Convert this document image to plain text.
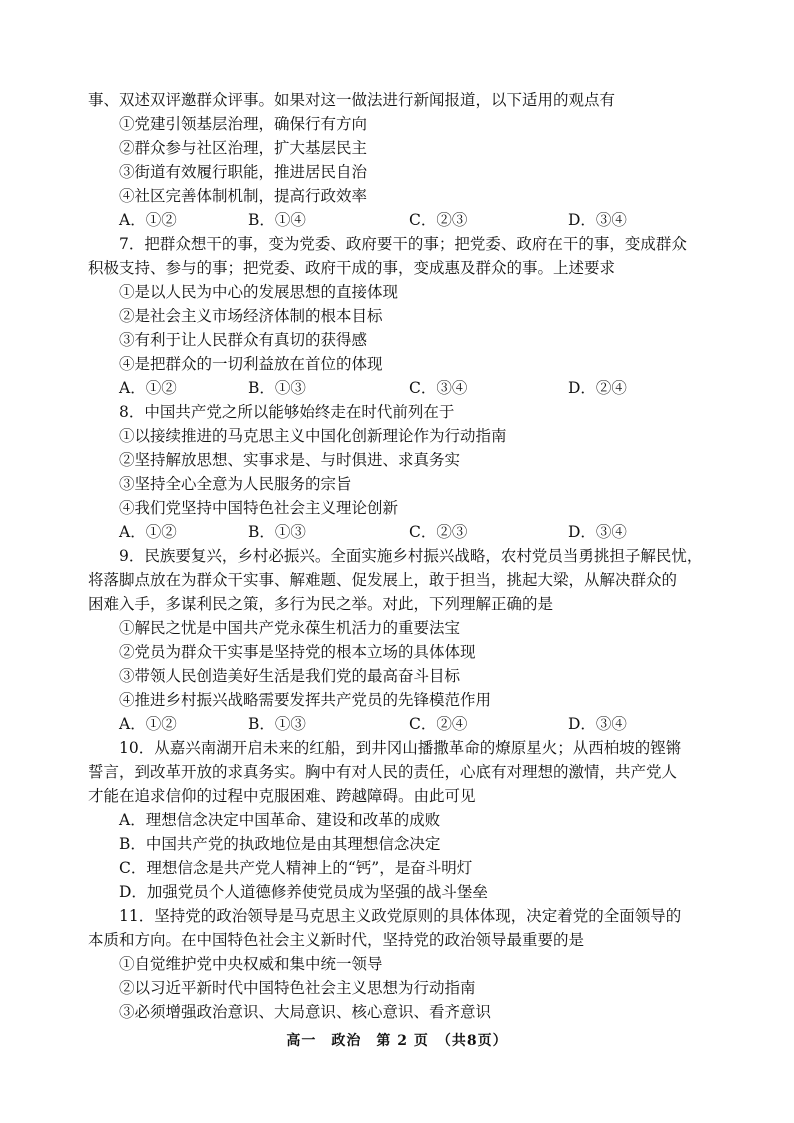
事、双述双评邀群众评事。如果对这一做法进行新闻报道，以下适用的观点有
①党建引领基层治理，确保行有方向
②群众参与社区治理，扩大基层民主
③街道有效履行职能，推进居民自治
④社区完善体制机制，提高行政效率
A．①②	B．①④	C．②③	D．③④
7．把群众想干的事，变为党委、政府要干的事；把党委、政府在干的事，变成群众
积极支持、参与的事；把党委、政府干成的事，变成惠及群众的事。上述要求
①是以人民为中心的发展思想的直接体现
②是社会主义市场经济体制的根本目标
③有利于让人民群众有真切的获得感
④是把群众的一切利益放在首位的体现
A．①②	B．①③	C．③④	D．②④
8．中国共产党之所以能够始终走在时代前列在于
①以接续推进的马克思主义中国化创新理论作为行动指南
②坚持解放思想、实事求是、与时俱进、求真务实
③坚持全心全意为人民服务的宗旨
④我们党坚持中国特色社会主义理论创新
A．①②	B．①③	C．②③	D．③④
9．民族要复兴，乡村必振兴。全面实施乡村振兴战略，农村党员当勇挑担子解民忧，
将落脚点放在为群众干实事、解难题、促发展上，敢于担当，挑起大梁，从解决群众的
困难入手，多谋利民之策，多行为民之举。对此，下列理解正确的是
①解民之忧是中国共产党永葆生机活力的重要法宝
②党员为群众干实事是坚持党的根本立场的具体体现
③带领人民创造美好生活是我们党的最高奋斗目标
④推进乡村振兴战略需要发挥共产党员的先锋模范作用
A．①②	B．①③	C．②④	D．③④
10．从嘉兴南湖开启未来的红船，到井冈山播撒革命的燎原星火；从西柏坡的铿锵
誓言，到改革开放的求真务实。胸中有对人民的责任，心底有对理想的激情，共产党人
才能在追求信仰的过程中克服困难、跨越障碍。由此可见
A．理想信念决定中国革命、建设和改革的成败
B．中国共产党的执政地位是由其理想信念决定
C．理想信念是共产党人精神上的“钙”，是奋斗明灯
D．加强党员个人道德修养使党员成为坚强的战斗堡垒
11．坚持党的政治领导是马克思主义政党原则的具体体现，决定着党的全面领导的
本质和方向。在中国特色社会主义新时代，坚持党的政治领导最重要的是
①自觉维护党中央权威和集中统一领导
②以习近平新时代中国特色社会主义思想为行动指南
③必须增强政治意识、大局意识、核心意识、看齐意识
高一　政治　第 2 页　（共8页）
